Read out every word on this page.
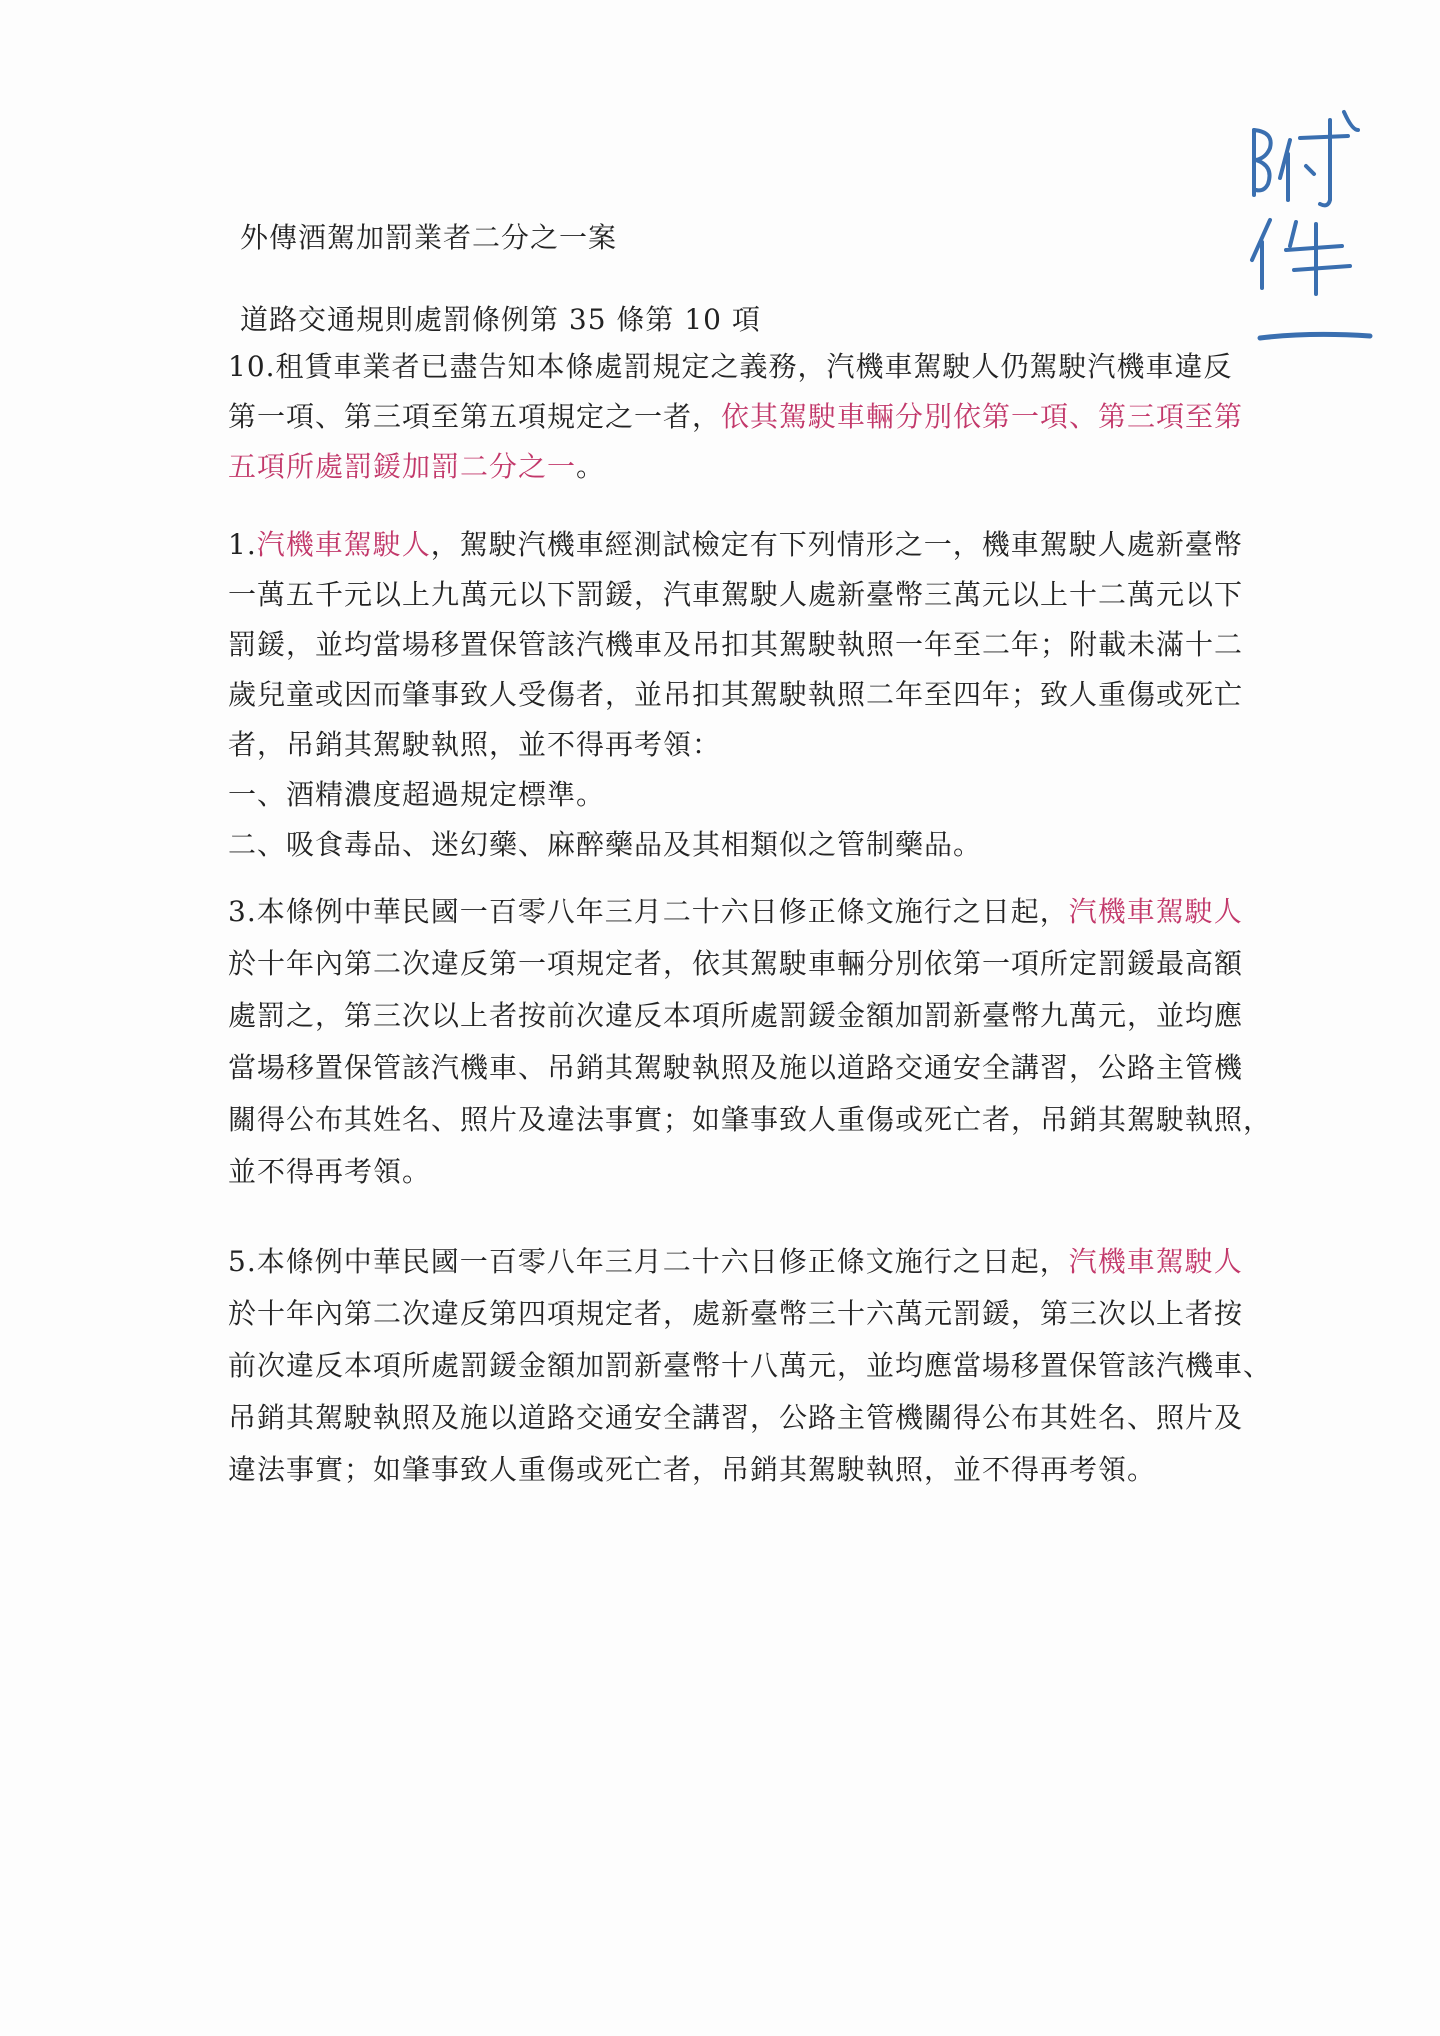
外傳酒駕加罰業者二分之一案
道路交通規則處罰條例第 35 條第 10 項
10.租賃車業者已盡告知本條處罰規定之義務，汽機車駕駛人仍駕駛汽機車違反
第一項、第三項至第五項規定之一者，依其駕駛車輛分別依第一項、第三項至第
五項所處罰鍰加罰二分之一。
1.汽機車駕駛人，駕駛汽機車經測試檢定有下列情形之一，機車駕駛人處新臺幣
一萬五千元以上九萬元以下罰鍰，汽車駕駛人處新臺幣三萬元以上十二萬元以下
罰鍰，並均當場移置保管該汽機車及吊扣其駕駛執照一年至二年；附載未滿十二
歲兒童或因而肇事致人受傷者，並吊扣其駕駛執照二年至四年；致人重傷或死亡
者，吊銷其駕駛執照，並不得再考領：
一、酒精濃度超過規定標準。
二、吸食毒品、迷幻藥、麻醉藥品及其相類似之管制藥品。
3.本條例中華民國一百零八年三月二十六日修正條文施行之日起，汽機車駕駛人
於十年內第二次違反第一項規定者，依其駕駛車輛分別依第一項所定罰鍰最高額
處罰之，第三次以上者按前次違反本項所處罰鍰金額加罰新臺幣九萬元，並均應
當場移置保管該汽機車、吊銷其駕駛執照及施以道路交通安全講習，公路主管機
關得公布其姓名、照片及違法事實；如肇事致人重傷或死亡者，吊銷其駕駛執照，
並不得再考領。
5.本條例中華民國一百零八年三月二十六日修正條文施行之日起，汽機車駕駛人
於十年內第二次違反第四項規定者，處新臺幣三十六萬元罰鍰，第三次以上者按
前次違反本項所處罰鍰金額加罰新臺幣十八萬元，並均應當場移置保管該汽機車、
吊銷其駕駛執照及施以道路交通安全講習，公路主管機關得公布其姓名、照片及
違法事實；如肇事致人重傷或死亡者，吊銷其駕駛執照，並不得再考領。
